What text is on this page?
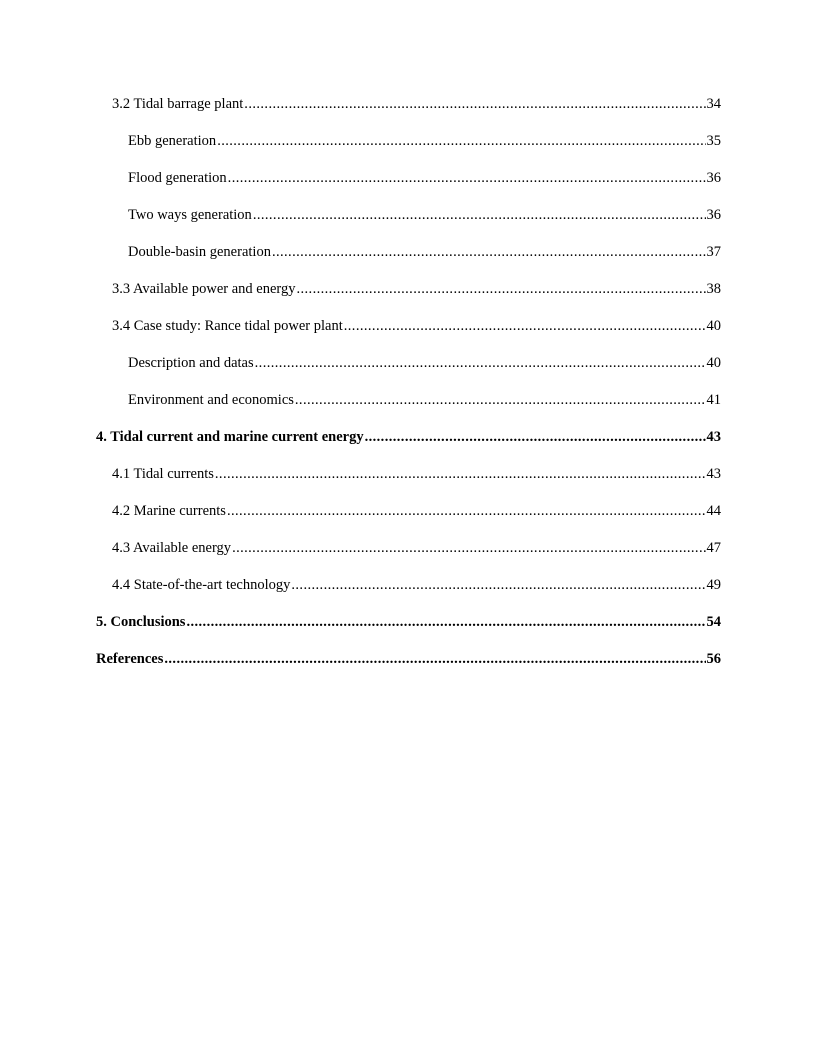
3.2 Tidal barrage plant .....	34
Ebb generation .....	35
Flood generation .....	36
Two ways generation .....	36
Double-basin generation .....	37
3.3 Available power and energy .....	38
3.4 Case study: Rance tidal power plant .....	40
Description and datas .....	40
Environment and economics .....	41
4. Tidal current and marine current energy .....	43
4.1 Tidal currents .....	43
4.2 Marine currents .....	44
4.3 Available energy .....	47
4.4 State-of-the-art technology .....	49
5. Conclusions .....	54
References .....	56
